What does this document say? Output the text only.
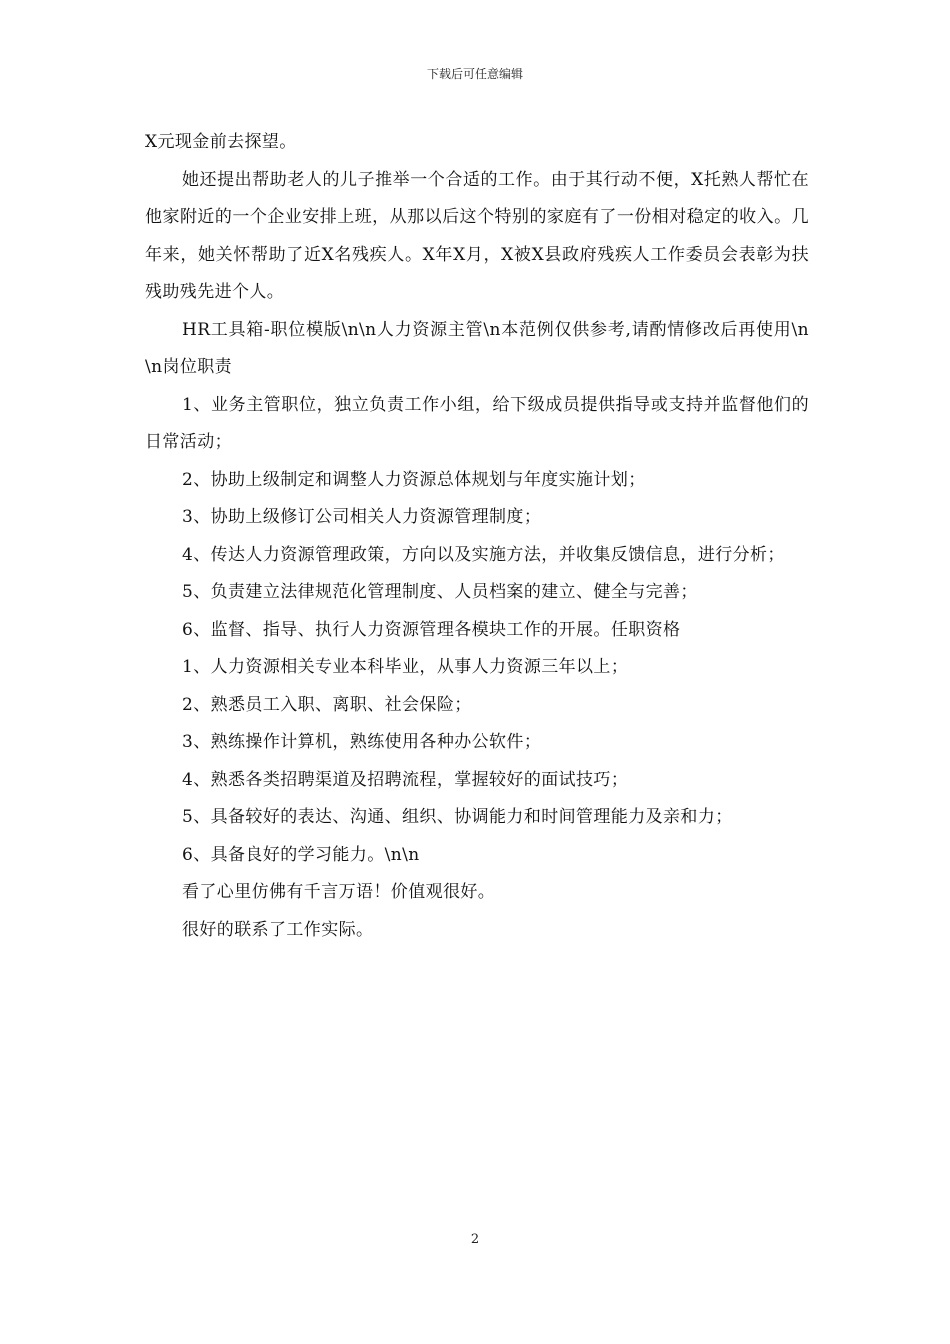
下载后可任意编辑

X元现金前去探望。

她还提出帮助老人的儿子推举一个合适的工作。由于其行动不便，X托熟人帮忙在他家附近的一个企业安排上班，从那以后这个特别的家庭有了一份相对稳定的收入。几年来，她关怀帮助了近X名残疾人。X年X月，X被X县政府残疾人工作委员会表彰为扶残助残先进个人。

HR工具箱-职位模版\n\n人力资源主管\n本范例仅供参考,请酌情修改后再使用\n\n岗位职责

1、业务主管职位，独立负责工作小组，给下级成员提供指导或支持并监督他们的日常活动；

2、协助上级制定和调整人力资源总体规划与年度实施计划；

3、协助上级修订公司相关人力资源管理制度；

4、传达人力资源管理政策，方向以及实施方法，并收集反馈信息，进行分析；

5、负责建立法律规范化管理制度、人员档案的建立、健全与完善；

6、监督、指导、执行人力资源管理各模块工作的开展。任职资格

1、人力资源相关专业本科毕业，从事人力资源三年以上；

2、熟悉员工入职、离职、社会保险；

3、熟练操作计算机，熟练使用各种办公软件；

4、熟悉各类招聘渠道及招聘流程，掌握较好的面试技巧；

5、具备较好的表达、沟通、组织、协调能力和时间管理能力及亲和力；

6、具备良好的学习能力。\n\n

看了心里仿佛有千言万语！价值观很好。

很好的联系了工作实际。

2
